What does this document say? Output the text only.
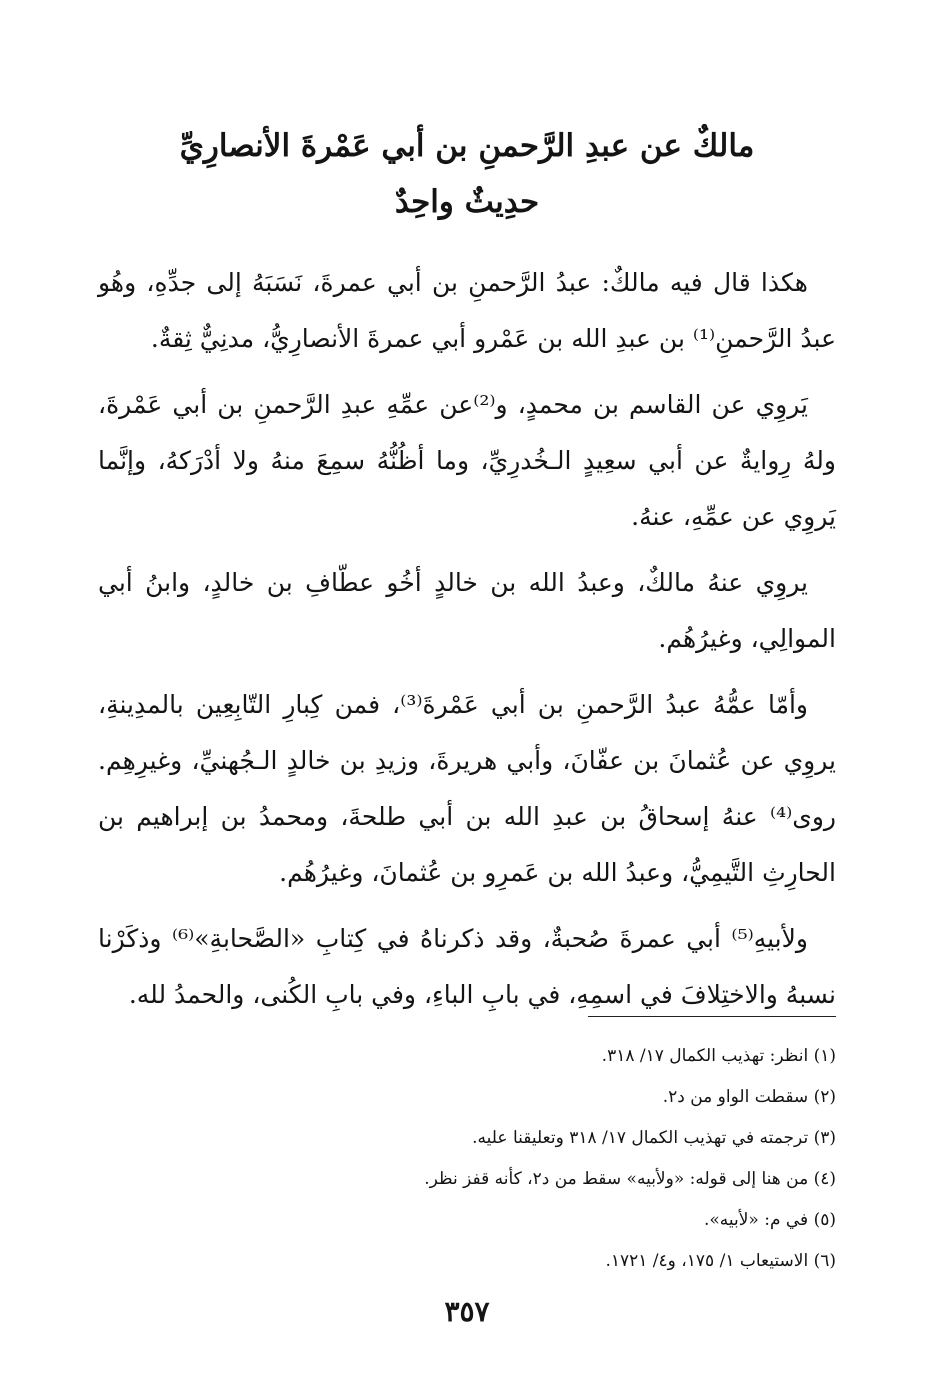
مالكٌ عن عبدِ الرَّحمنِ بن أبي عَمْرةَ الأنصارِيِّ

حدِيثٌ واحِدٌ

هكذا قال فيه مالكٌ: عبدُ الرَّحمنِ بن أبي عمرةَ، نَسَبَهُ إلى جدِّهِ، وهُو عبدُ الرَّحمنِ⁽¹⁾ بن عبدِ الله بن عَمْرو أبي عمرةَ الأنصارِيُّ، مدنِيٌّ ثِقةٌ.

يَروِي عن القاسم بن محمدٍ، و⁽²⁾عن عمِّهِ عبدِ الرَّحمنِ بن أبي عَمْرةَ، ولهُ رِوايةٌ عن أبي سعِيدٍ الـخُدرِيِّ، وما أظُنُّهُ سمِعَ منهُ ولا أدْرَكهُ، وإنَّما يَروِي عن عمِّهِ، عنهُ.

يروِي عنهُ مالكٌ، وعبدُ الله بن خالدٍ أخُو عطّافِ بن خالدٍ، وابنُ أبي الموالِي، وغيرُهُم.

وأمّا عمُّهُ عبدُ الرَّحمنِ بن أبي عَمْرةَ⁽³⁾، فمن كِبارِ التّابِعِين بالمدِينةِ، يروِي عن عُثمانَ بن عفّانَ، وأبي هريرةَ، وزيدِ بن خالدٍ الـجُهنيِّ، وغيرِهِم. روى⁽⁴⁾ عنهُ إسحاقُ بن عبدِ الله بن أبي طلحةَ، ومحمدُ بن إبراهيم بن الحارِثِ التَّيمِيُّ، وعبدُ الله بن عَمرِو بن عُثمانَ، وغيرُهُم.

ولأبيهِ⁽⁵⁾ أبي عمرةَ صُحبةٌ، وقد ذكرناهُ في كِتابِ «الصَّحابةِ»⁽⁶⁾ وذكَرْنا نسبهُ والاختِلافَ في اسمِهِ، في بابِ الباءِ، وفي بابِ الكُنى، والحمدُ لله.

(١) انظر: تهذيب الكمال ١٧/ ٣١٨.

(٢) سقطت الواو من د٢.

(٣) ترجمته في تهذيب الكمال ١٧/ ٣١٨ وتعليقنا عليه.

(٤) من هنا إلى قوله: «ولأبيه» سقط من د٢، كأنه قفز نظر.

(٥) في م: «لأبيه».

(٦) الاستيعاب ١/ ١٧٥، و٤/ ١٧٢١.

٣٥٧
